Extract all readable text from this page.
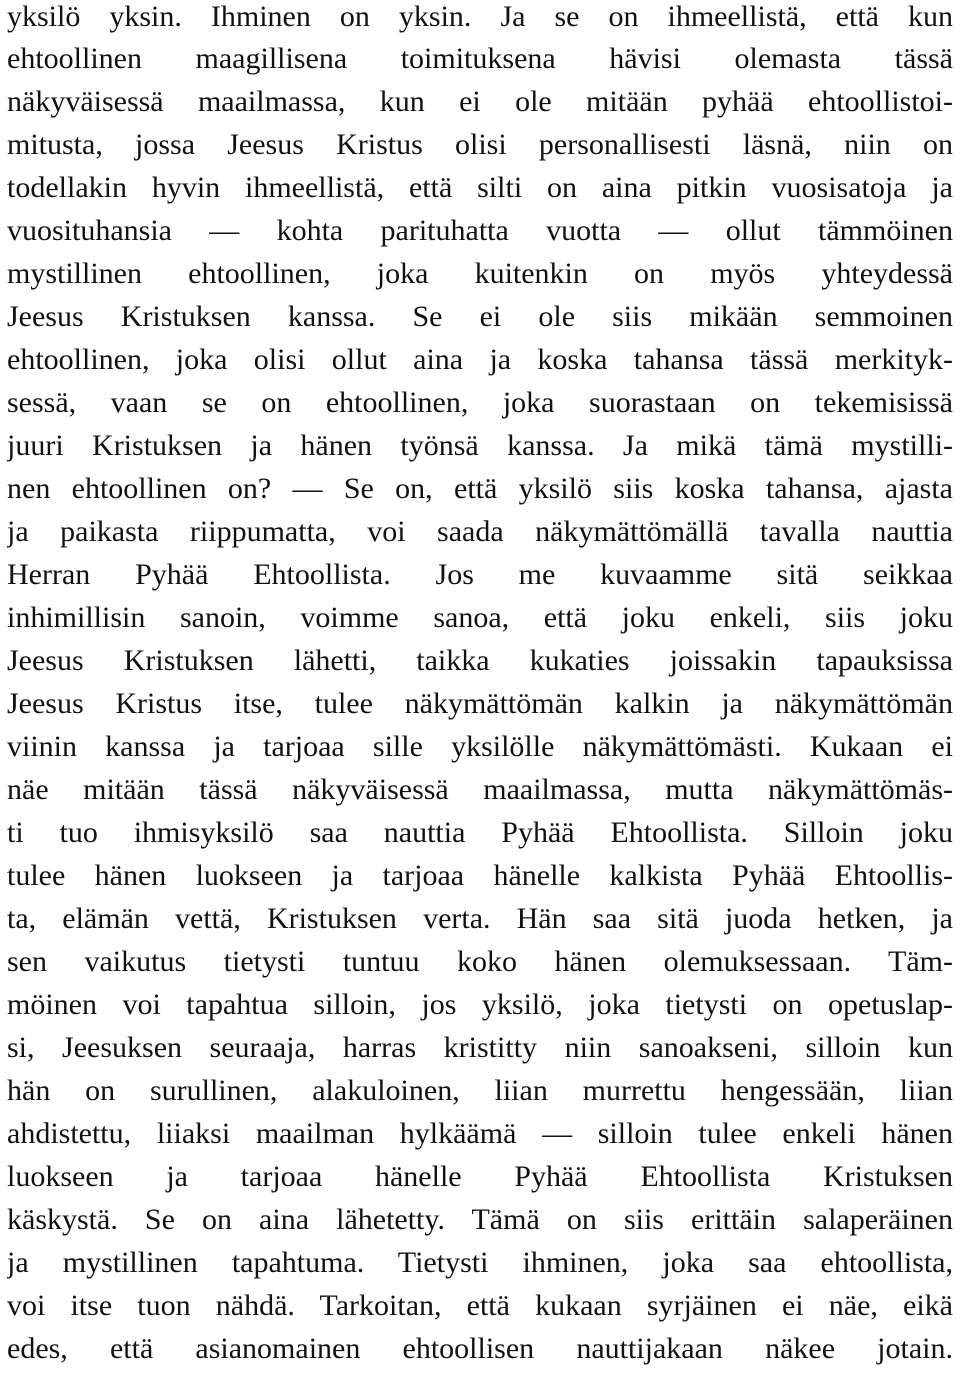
yksilö yksin. Ihminen on yksin. Ja se on ihmeellistä, että kun
ehtoollinen maagillisena toimituksena hävisi olemasta tässä
näkyväisessä maailmassa, kun ei ole mitään pyhää ehtoollistoi-
mitusta, jossa Jeesus Kristus olisi personallisesti läsnä, niin on
todellakin hyvin ihmeellistä, että silti on aina pitkin vuosisatoja ja
vuosituhansia — kohta parituhatta vuotta — ollut tämmöinen
mystillinen ehtoollinen, joka kuitenkin on myös yhteydessä
Jeesus Kristuksen kanssa. Se ei ole siis mikään semmoinen
ehtoollinen, joka olisi ollut aina ja koska tahansa tässä merkityk-
sessä, vaan se on ehtoollinen, joka suorastaan on tekemisissä
juuri Kristuksen ja hänen työnsä kanssa. Ja mikä tämä mystilli-
nen ehtoollinen on? — Se on, että yksilö siis koska tahansa, ajasta
ja paikasta riippumatta, voi saada näkymättömällä tavalla nauttia
Herran Pyhää Ehtoollista. Jos me kuvaamme sitä seikkaa
inhimillisin sanoin, voimme sanoa, että joku enkeli, siis joku
Jeesus Kristuksen lähetti, taikka kukaties joissakin tapauksissa
Jeesus Kristus itse, tulee näkymättömän kalkin ja näkymättömän
viinin kanssa ja tarjoaa sille yksilölle näkymättömästi. Kukaan ei
näe mitään tässä näkyväisessä maailmassa, mutta näkymättömäs-
ti tuo ihmisyksilö saa nauttia Pyhää Ehtoollista. Silloin joku
tulee hänen luokseen ja tarjoaa hänelle kalkista Pyhää Ehtoollis-
ta, elämän vettä, Kristuksen verta. Hän saa sitä juoda hetken, ja
sen vaikutus tietysti tuntuu koko hänen olemuksessaan. Täm-
möinen voi tapahtua silloin, jos yksilö, joka tietysti on opetuslap-
si, Jeesuksen seuraaja, harras kristitty niin sanoakseni, silloin kun
hän on surullinen, alakuloinen, liian murrettu hengessään, liian
ahdistettu, liiaksi maailman hylkäämä — silloin tulee enkeli hänen
luokseen ja tarjoaa hänelle Pyhää Ehtoollista Kristuksen
käskystä. Se on aina lähetetty. Tämä on siis erittäin salaperäinen
ja mystillinen tapahtuma. Tietysti ihminen, joka saa ehtoollista,
voi itse tuon nähdä. Tarkoitan, että kukaan syrjäinen ei näe, eikä
edes, että asianomainen ehtoollisen nauttijakaan näkee jotain.
